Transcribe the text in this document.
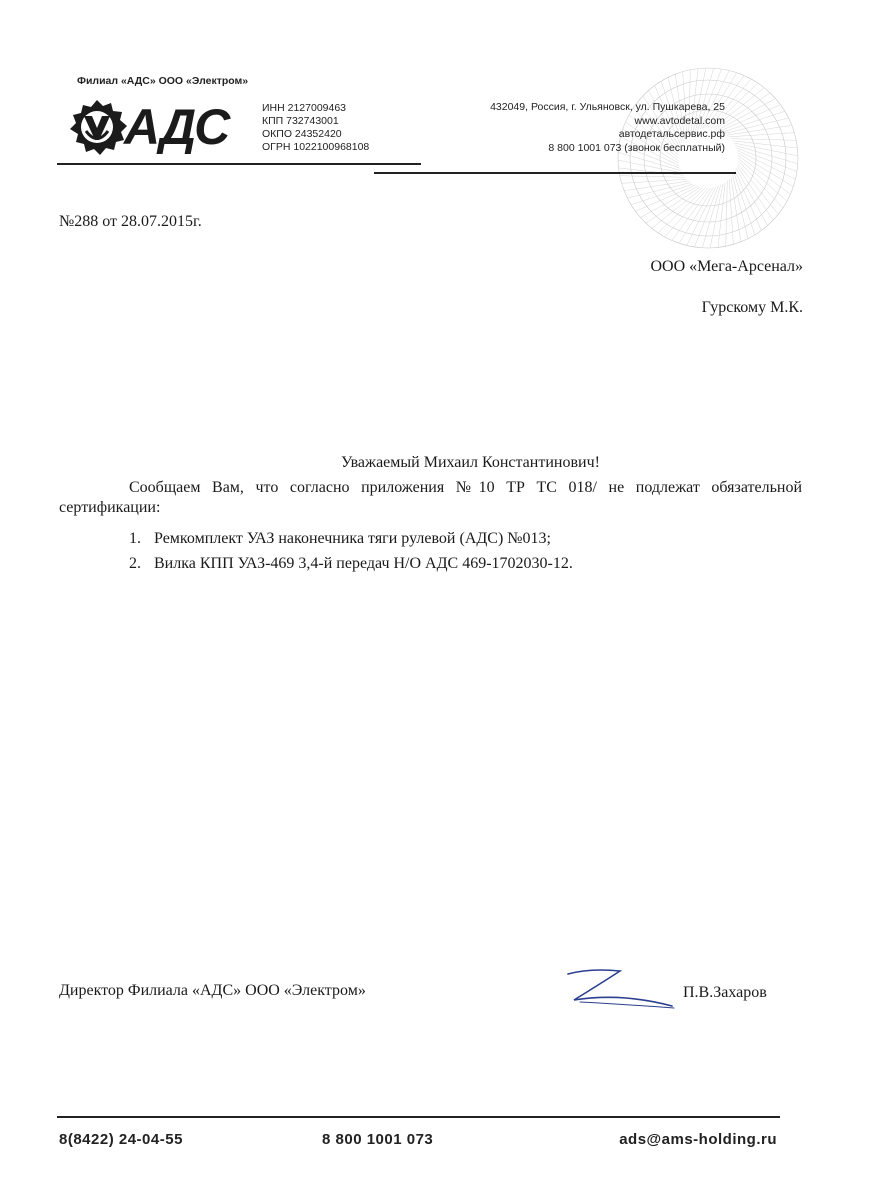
Филиал «АДС» ООО «Электром»
АДС	ИНН 2127009463
КПП 732743001
ОКПО 24352420
ОГРН 1022100968108
432049, Россия, г. Ульяновск, ул. Пушкарева, 25
www.avtodetal.com
автодетальсервис.рф
8 800 1001 073 (звонок бесплатный)
№288 от 28.07.2015г.
ООО «Мега-Арсенал»
Гурскому М.К.
Уважаемый Михаил Константинович!
Сообщаем Вам, что согласно приложения №10 ТР ТС 018/ не подлежат обязательной сертификации:
1. Ремкомплект УАЗ наконечника тяги рулевой (АДС) №013;
2. Вилка КПП УАЗ-469 3,4-й передач Н/О АДС 469-1702030-12.
Директор Филиала «АДС» ООО «Электром»	П.В.Захаров
8(8422) 24-04-55	8 800 1001 073	ads@ams-holding.ru
